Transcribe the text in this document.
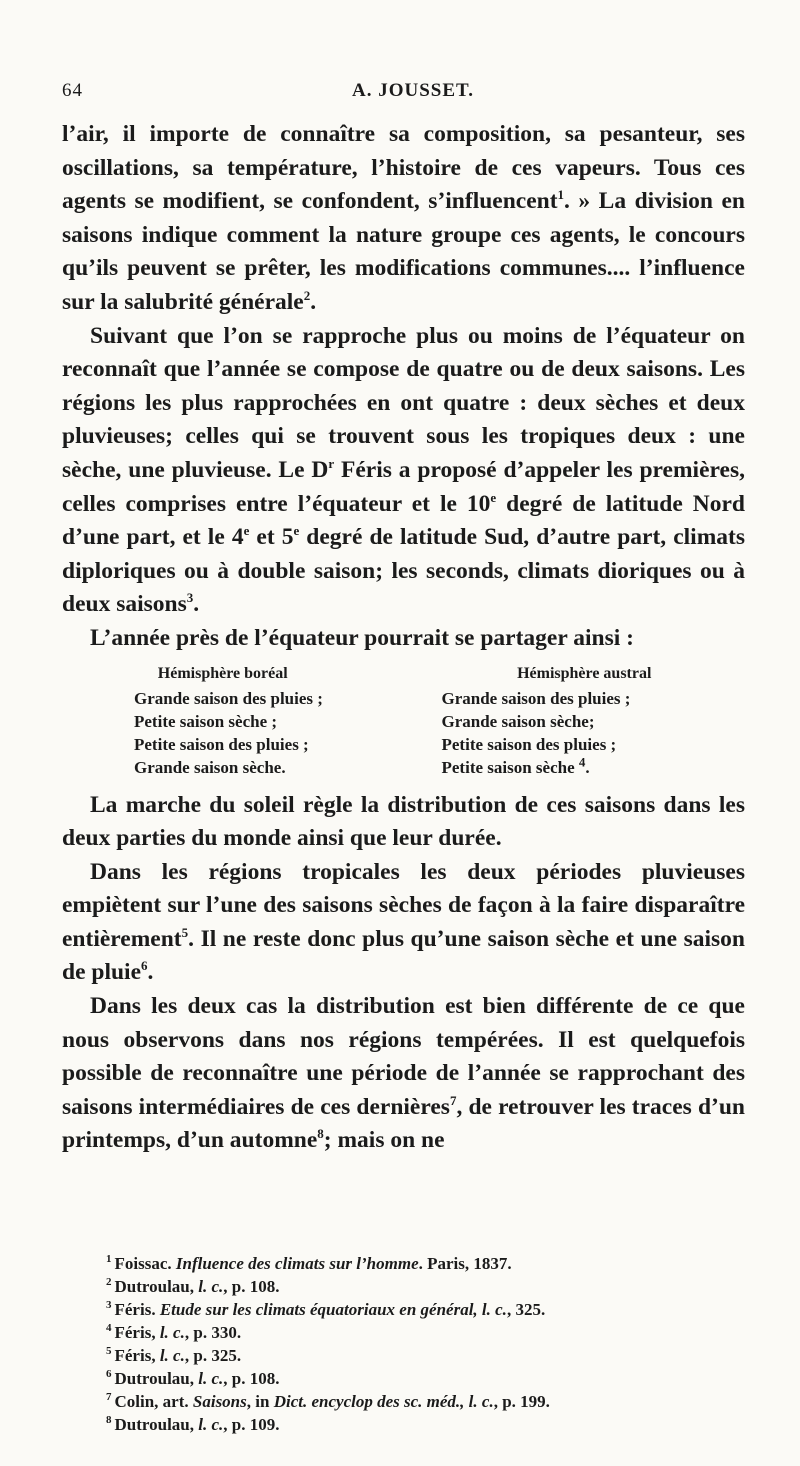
64	A. JOUSSET.

l’air, il importe de connaître sa composition, sa pesanteur, ses oscillations, sa température, l’histoire de ces vapeurs. Tous ces agents se modifient, se confondent, s’influencent$^1$. » La division en saisons indique comment la nature groupe ces agents, le concours qu’ils peuvent se prêter, les modifications communes.... l’influence sur la salubrité générale$^2$.

Suivant que l’on se rapproche plus ou moins de l’équateur on reconnaît que l’année se compose de quatre ou de deux saisons. Les régions les plus rapprochées en ont quatre : deux sèches et deux pluvieuses; celles qui se trouvent sous les tropiques deux : une sèche, une pluvieuse. Le $D^r$ Féris a proposé d’appeler les premières, celles comprises entre l’équateur et le 10e degré de latitude Nord d’une part, et le 4e et 5e degré de latitude Sud, d’autre part, climats diploriques ou à double saison; les seconds, climats dioriques ou à deux saisons$^3$.

L’année près de l’équateur pourrait se partager ainsi :

Hémisphère boréal
Grande saison des pluies ;
Petite saison sèche ;
Petite saison des pluies ;
Grande saison sèche.
Hémisphère austral
Grande saison des pluies ;
Grande saison sèche;
Petite saison des pluies ;
Petite saison sèche $^4$.

La marche du soleil règle la distribution de ces saisons dans les deux parties du monde ainsi que leur durée.

Dans les régions tropicales les deux périodes pluvieuses empiètent sur l’une des saisons sèches de façon à la faire disparaître entièrement$^5$. Il ne reste donc plus qu’une saison sèche et une saison de pluie$^6$.

Dans les deux cas la distribution est bien différente de ce que nous observons dans nos régions tempérées. Il est quelquefois possible de reconnaître une période de l’année se rapprochant des saisons intermédiaires de ces dernières$^7$, de retrouver les traces d’un printemps, d’un automne$^8$; mais on ne

$^1$ Foissac. Influence des climats sur l’homme. Paris, 1837.
$^2$ Dutroulau, l. c., p. 108.
$^3$ Féris. Etude sur les climats équatoriaux en général, l. c., 325.
$^4$ Féris, l. c., p. 330.
$^5$ Féris, l. c., p. 325.
$^6$ Dutroulau, l. c., p. 108.
$^7$ Colin, art. Saisons, in Dict. encyclop des sc. méd., l. c., p. 199.
$^8$ Dutroulau, l. c., p. 109.
